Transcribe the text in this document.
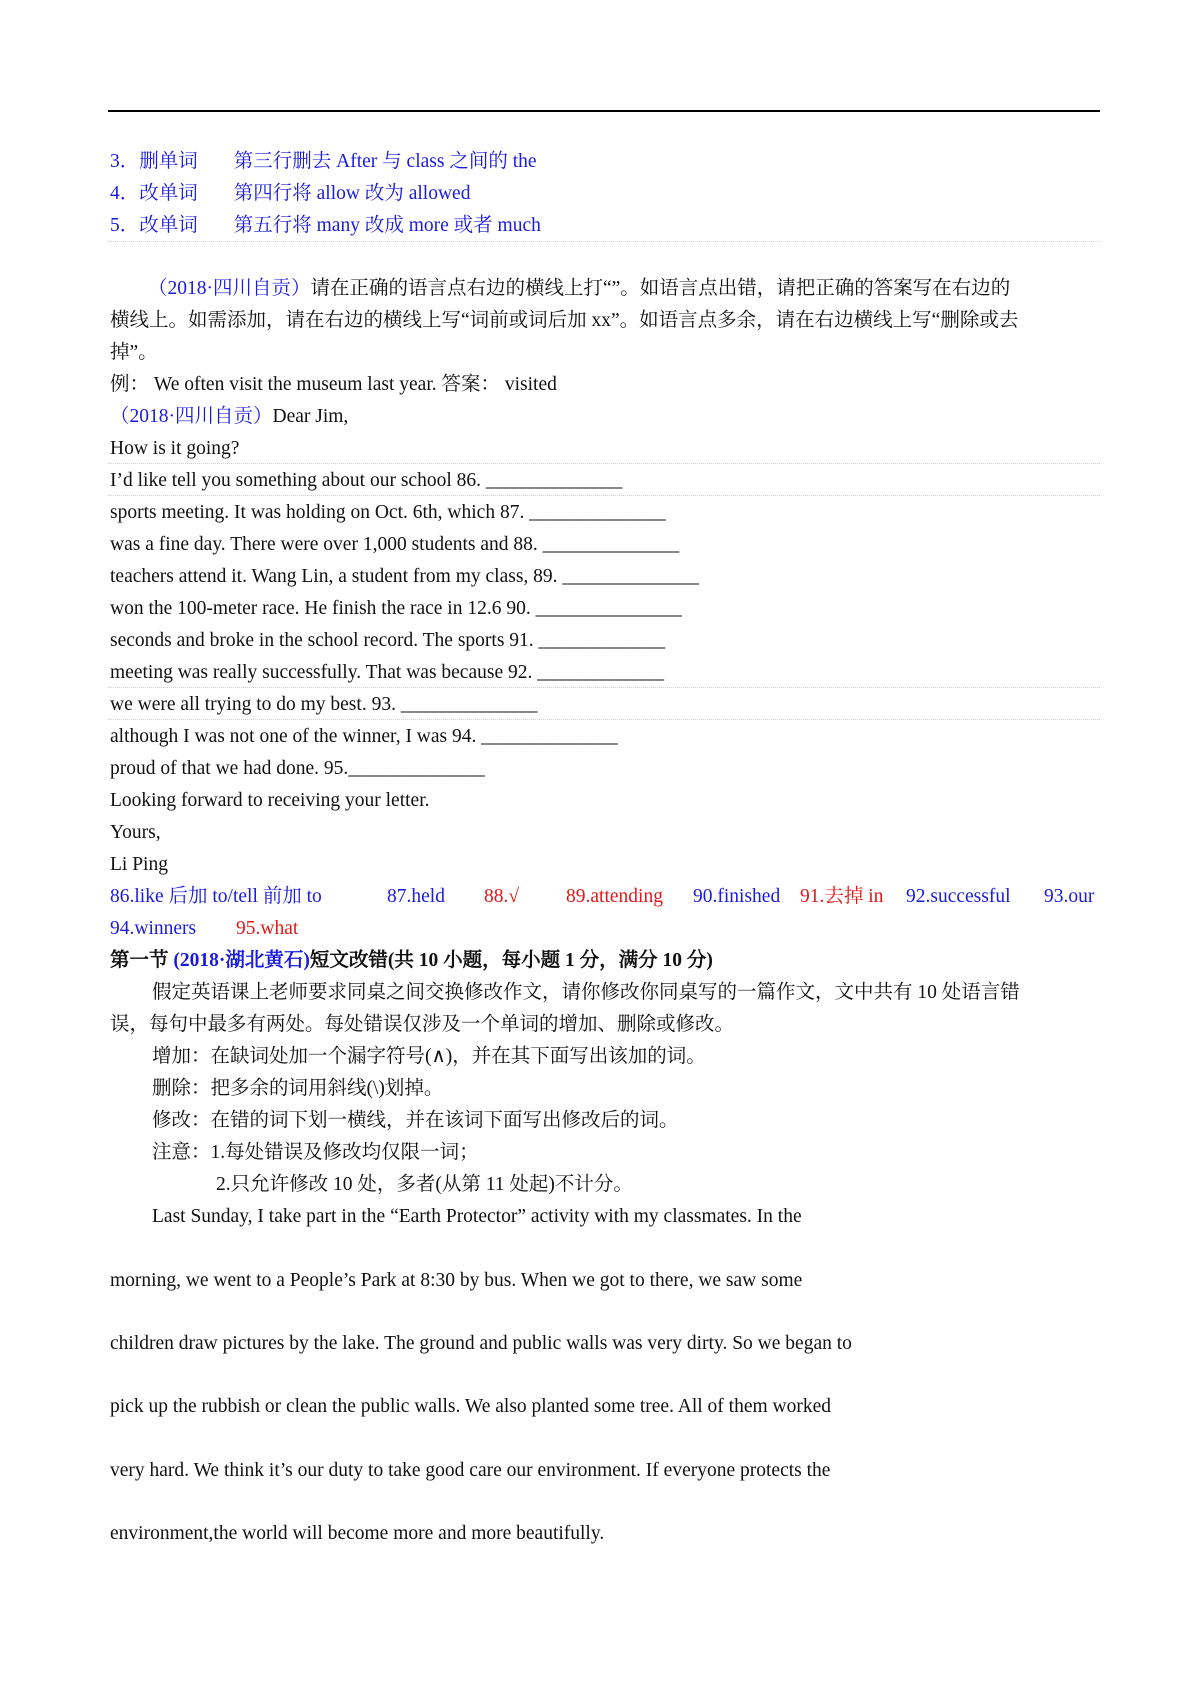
3．删单词 第三行删去 After 与 class 之间的 the
4．改单词 第四行将 allow 改为 allowed
5．改单词 第五行将 many 改成 more 或者 much
（2018·四川自贡）请在正确的语言点右边的横线上打“”。如语言点出错，请把正确的答案写在右边的
横线上。如需添加，请在右边的横线上写“词前或词后加 xx”。如语言点多余，请在右边横线上写“删除或去
掉”。
例： We often visit the museum last year. 答案： visited
（2018·四川自贡）Dear Jim,
How is it going?
I’d like tell you something about our school 86. ______________
sports meeting. It was holding on Oct. 6th, which 87. ______________
was a fine day. There were over 1,000 students and 88. ______________
teachers attend it. Wang Lin, a student from my class, 89. ______________
won the 100-meter race. He finish the race in 12.6 90. _______________
seconds and broke in the school record. The sports 91. _____________
meeting was really successfully. That was because 92. _____________
we were all trying to do my best. 93. ______________
although I was not one of the winner, I was 94. ______________
proud of that we had done. 95.______________
Looking forward to receiving your letter.
Yours,
Li Ping
86.like 后加 to/tell 前加 to	87.held 88.√ 89.attending 90.finished 91.去掉 in 92.successful 93.our
94.winners 95.what
第一节 (2018·湖北黄石)短文改错(共 10 小题，每小题 1 分，满分 10 分)
假定英语课上老师要求同桌之间交换修改作文，请你修改你同桌写的一篇作文，文中共有 10 处语言错
误，每句中最多有两处。每处错误仅涉及一个单词的增加、删除或修改。
增加：在缺词处加一个漏字符号(∧)，并在其下面写出该加的词。
删除：把多余的词用斜线(\)划掉。
修改：在错的词下划一横线，并在该词下面写出修改后的词。
注意：1.每处错误及修改均仅限一词；
2.只允许修改 10 处，多者(从第 11 处起)不计分。
Last Sunday, I take part in the “Earth Protector” activity with my classmates. In the
morning, we went to a People’s Park at 8:30 by bus. When we got to there, we saw some
children draw pictures by the lake. The ground and public walls was very dirty. So we began to
pick up the rubbish or clean the public walls. We also planted some tree. All of them worked
very hard. We think it’s our duty to take good care our environment. If everyone protects the
environment,the world will become more and more beautifully.
